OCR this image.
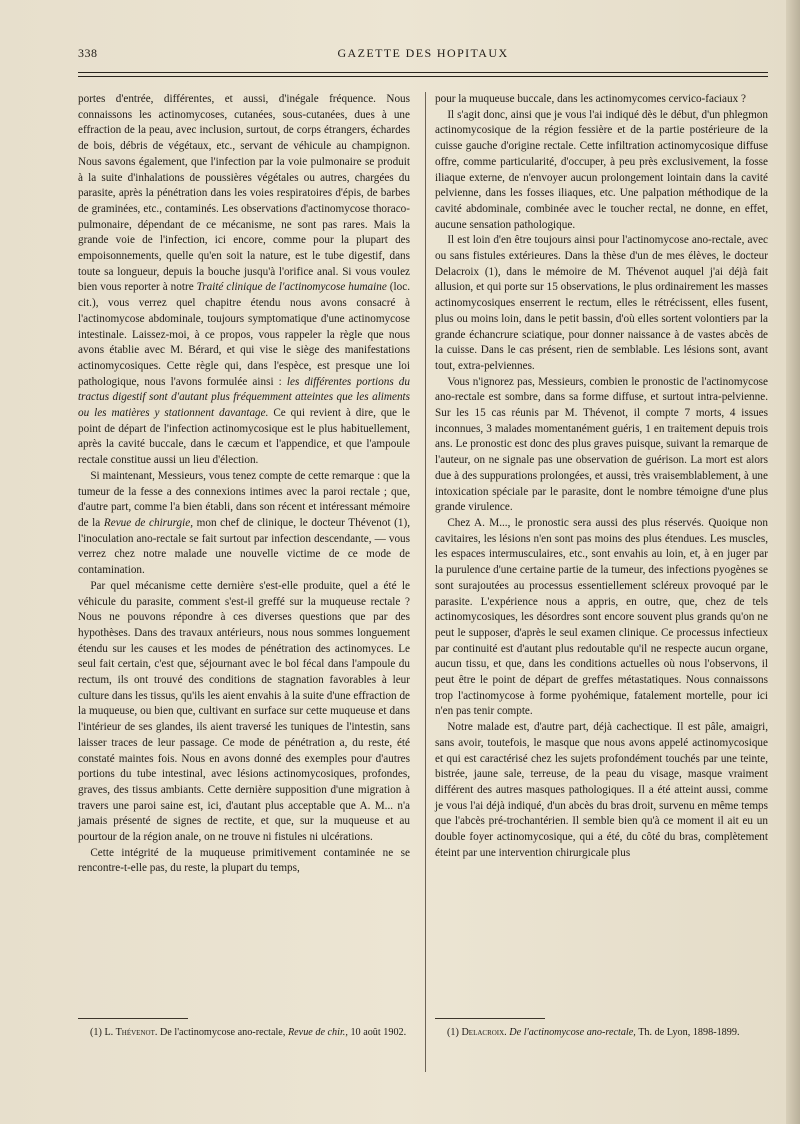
338	GAZETTE DES HOPITAUX

portes d'entrée, différentes, et aussi, d'inégale fréquence. Nous connaissons les actinomycoses, cutanées, sous-cutanées, dues à une effraction de la peau, avec inclusion, surtout, de corps étrangers, échardes de bois, débris de végétaux, etc., servant de véhicule au champignon. Nous savons également, que l'infection par la voie pulmonaire se produit à la suite d'inhalations de poussières végétales ou autres, chargées du parasite, après la pénétration dans les voies respiratoires d'épis, de barbes de graminées, etc., contaminés. Les observations d'actinomycose thoraco-pulmonaire, dépendant de ce mécanisme, ne sont pas rares. Mais la grande voie de l'infection, ici encore, comme pour la plupart des empoisonnements, quelle qu'en soit la nature, est le tube digestif, dans toute sa longueur, depuis la bouche jusqu'à l'orifice anal. Si vous voulez bien vous reporter à notre Traité clinique de l'actinomycose humaine (loc. cit.), vous verrez quel chapitre étendu nous avons consacré à l'actinomycose abdominale, toujours symptomatique d'une actinomycose intestinale. Laissez-moi, à ce propos, vous rappeler la règle que nous avons établie avec M. Bérard, et qui vise le siège des manifestations actinomycosiques. Cette règle qui, dans l'espèce, est presque une loi pathologique, nous l'avons formulée ainsi : les différentes portions du tractus digestif sont d'autant plus fréquemment atteintes que les aliments ou les matières y stationnent davantage. Ce qui revient à dire, que le point de départ de l'infection actinomycosique est le plus habituellement, après la cavité buccale, dans le cæcum et l'appendice, et que l'ampoule rectale constitue aussi un lieu d'élection.

Si maintenant, Messieurs, vous tenez compte de cette remarque : que la tumeur de la fesse a des connexions intimes avec la paroi rectale ; que, d'autre part, comme l'a bien établi, dans son récent et intéressant mémoire de la Revue de chirurgie, mon chef de clinique, le docteur Thévenot (1), l'inoculation ano-rectale se fait surtout par infection descendante, — vous verrez chez notre malade une nouvelle victime de ce mode de contamination.

Par quel mécanisme cette dernière s'est-elle produite, quel a été le véhicule du parasite, comment s'est-il greffé sur la muqueuse rectale ? Nous ne pouvons répondre à ces diverses questions que par des hypothèses. Dans des travaux antérieurs, nous nous sommes longuement étendu sur les causes et les modes de pénétration des actinomyces. Le seul fait certain, c'est que, séjournant avec le bol fécal dans l'ampoule du rectum, ils ont trouvé des conditions de stagnation favorables à leur culture dans les tissus, qu'ils les aient envahis à la suite d'une effraction de la muqueuse, ou bien que, cultivant en surface sur cette muqueuse et dans l'intérieur de ses glandes, ils aient traversé les tuniques de l'intestin, sans laisser traces de leur passage. Ce mode de pénétration a, du reste, été constaté maintes fois. Nous en avons donné des exemples pour d'autres portions du tube intestinal, avec lésions actinomycosiques, profondes, graves, des tissus ambiants. Cette dernière supposition d'une migration à travers une paroi saine est, ici, d'autant plus acceptable que A. M... n'a jamais présenté de signes de rectite, et que, sur la muqueuse et au pourtour de la région anale, on ne trouve ni fistules ni ulcérations.

Cette intégrité de la muqueuse primitivement contaminée ne se rencontre-t-elle pas, du reste, la plupart du temps,

pour la muqueuse buccale, dans les actinomycomes cervico-faciaux ?

Il s'agit donc, ainsi que je vous l'ai indiqué dès le début, d'un phlegmon actinomycosique de la région fessière et de la partie postérieure de la cuisse gauche d'origine rectale. Cette infiltration actinomycosique diffuse offre, comme particularité, d'occuper, à peu près exclusivement, la fosse iliaque externe, de n'envoyer aucun prolongement lointain dans la cavité pelvienne, dans les fosses iliaques, etc. Une palpation méthodique de la cavité abdominale, combinée avec le toucher rectal, ne donne, en effet, aucune sensation pathologique.

Il est loin d'en être toujours ainsi pour l'actinomycose ano-rectale, avec ou sans fistules extérieures. Dans la thèse d'un de mes élèves, le docteur Delacroix (1), dans le mémoire de M. Thévenot auquel j'ai déjà fait allusion, et qui porte sur 15 observations, le plus ordinairement les masses actinomycosiques enserrent le rectum, elles le rétrécissent, elles fusent, plus ou moins loin, dans le petit bassin, d'où elles sortent volontiers par la grande échancrure sciatique, pour donner naissance à de vastes abcès de la cuisse. Dans le cas présent, rien de semblable. Les lésions sont, avant tout, extra-pelviennes.

Vous n'ignorez pas, Messieurs, combien le pronostic de l'actinomycose ano-rectale est sombre, dans sa forme diffuse, et surtout intra-pelvienne. Sur les 15 cas réunis par M. Thévenot, il compte 7 morts, 4 issues inconnues, 3 malades momentanément guéris, 1 en traitement depuis trois ans. Le pronostic est donc des plus graves puisque, suivant la remarque de l'auteur, on ne signale pas une observation de guérison. La mort est alors due à des suppurations prolongées, et aussi, très vraisemblablement, à une intoxication spéciale par le parasite, dont le nombre témoigne d'une plus grande virulence.

Chez A. M..., le pronostic sera aussi des plus réservés. Quoique non cavitaires, les lésions n'en sont pas moins des plus étendues. Les muscles, les espaces intermusculaires, etc., sont envahis au loin, et, à en juger par la purulence d'une certaine partie de la tumeur, des infections pyogènes se sont surajoutées au processus essentiellement scléreux provoqué par le parasite. L'expérience nous a appris, en outre, que, chez de tels actinomycosiques, les désordres sont encore souvent plus grands qu'on ne peut le supposer, d'après le seul examen clinique. Ce processus infectieux par continuité est d'autant plus redoutable qu'il ne respecte aucun organe, aucun tissu, et que, dans les conditions actuelles où nous l'observons, il peut être le point de départ de greffes métastatiques. Nous connaissons trop l'actinomycose à forme pyohémique, fatalement mortelle, pour ici n'en pas tenir compte.

Notre malade est, d'autre part, déjà cachectique. Il est pâle, amaigri, sans avoir, toutefois, le masque que nous avons appelé actinomycosique et qui est caractérisé chez les sujets profondément touchés par une teinte, bistrée, jaune sale, terreuse, de la peau du visage, masque vraiment différent des autres masques pathologiques. Il a été atteint aussi, comme je vous l'ai déjà indiqué, d'un abcès du bras droit, survenu en même temps que l'abcès pré-trochantérien. Il semble bien qu'à ce moment il ait eu un double foyer actinomycosique, qui a été, du côté du bras, complètement éteint par une intervention chirurgicale plus

(1) L. Thévenot. De l'actinomycose ano-rectale, Revue de chir., 10 août 1902.	(1) Delacroix. De l'actinomycose ano-rectale, Th. de Lyon, 1898-1899.
